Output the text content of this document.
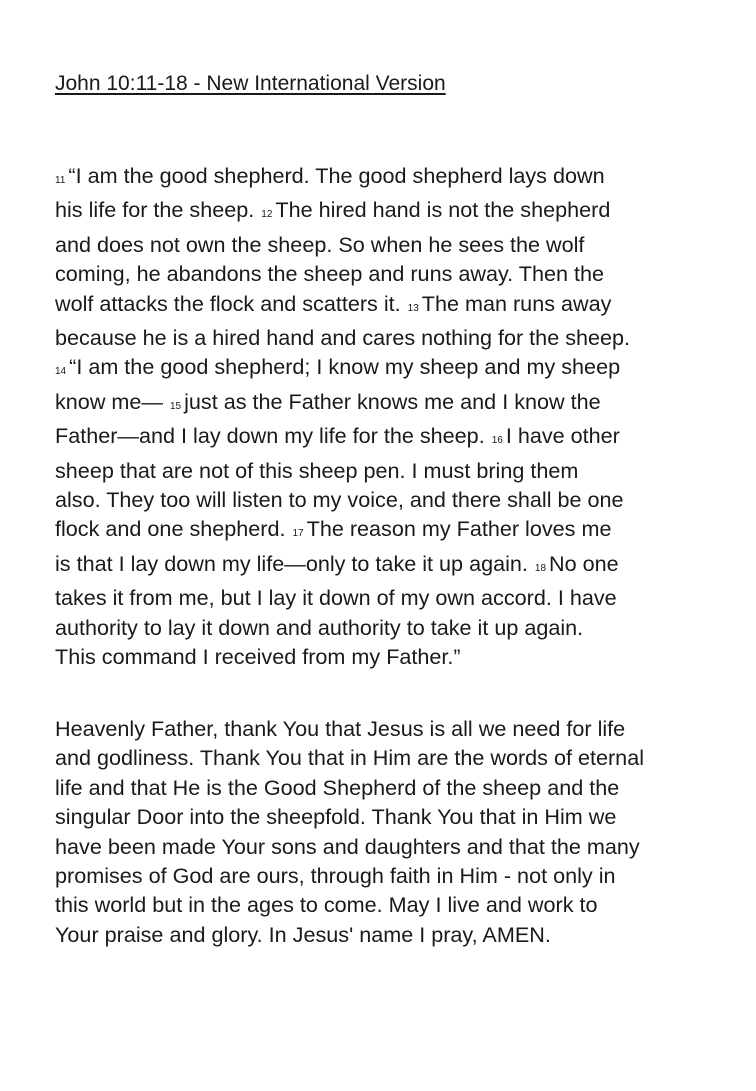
John 10:11-18 - New International Version
11 “I am the good shepherd. The good shepherd lays down
his life for the sheep. 12 The hired hand is not the shepherd
and does not own the sheep. So when he sees the wolf
coming, he abandons the sheep and runs away. Then the
wolf attacks the flock and scatters it. 13 The man runs away
because he is a hired hand and cares nothing for the sheep.
14 “I am the good shepherd; I know my sheep and my sheep
know me— 15 just as the Father knows me and I know the
Father—and I lay down my life for the sheep. 16 I have other
sheep that are not of this sheep pen. I must bring them
also. They too will listen to my voice, and there shall be one
flock and one shepherd. 17 The reason my Father loves me
is that I lay down my life—only to take it up again. 18 No one
takes it from me, but I lay it down of my own accord. I have
authority to lay it down and authority to take it up again.
This command I received from my Father.”
Heavenly Father, thank You that Jesus is all we need for life
and godliness. Thank You that in Him are the words of eternal
life and that He is the Good Shepherd of the sheep and the
singular Door into the sheepfold. Thank You that in Him we
have been made Your sons and daughters and that the many
promises of God are ours, through faith in Him - not only in
this world but in the ages to come. May I live and work to
Your praise and glory. In Jesus' name I pray, AMEN.
